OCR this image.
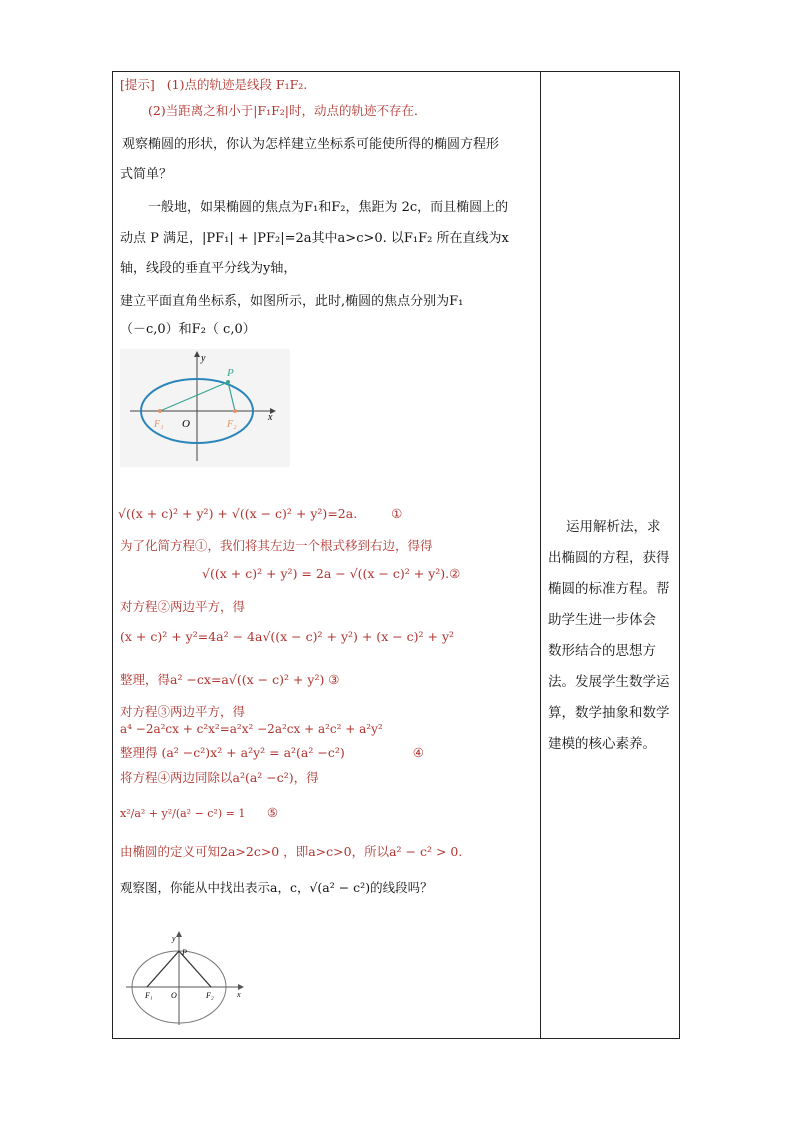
[提示] (1)点的轨迹是线段 F₁F₂.
(2)当距离之和小于|F₁F₂|时，动点的轨迹不存在．
观察椭圆的形状，你认为怎样建立坐标系可能使所得的椭圆方程形
式简单？
一般地，如果椭圆的焦点为F₁和F₂，焦距为 2c，而且椭圆上的
动点 P 满足，|PF₁| + |PF₂|=2a其中a>c>0. 以F₁F₂ 所在直线为x
轴，线段的垂直平分线为y轴，
建立平面直角坐标系，如图所示，此时,椭圆的焦点分别为F₁
（－c,0）和F₂（ c,0）
y
x
P
O
F₁	F₂
√((x + c)² + y²) + √((x − c)² + y²)=2a.	①
为了化简方程①，我们将其左边一个根式移到右边，得得
√((x + c)² + y²) = 2a − √((x − c)² + y²).②
对方程②两边平方，得
(x + c)² + y²=4a² − 4a√((x − c)² + y²) + (x − c)² + y²
整理，得a² −cx=a√((x − c)² + y²) ③
对方程③两边平方，得
a⁴ −2a²cx + c²x²=a²x² −2a²cx + a²c² + a²y²
整理得 (a² −c²)x² + a²y² = a²(a² −c²)	④
将方程④两边同除以a²(a² −c²)，得
x²/a² + y²/(a² − c²) = 1 ⑤
由椭圆的定义可知2a>2c>0 ，即a>c>0，所以a² − c² > 0.
观察图，你能从中找出表示a，c，√(a² − c²)的线段吗？
y
x
P
O
F₁	F₂
运用解析法，求
出椭圆的方程，获得
椭圆的标准方程。帮
助学生进一步体会
数形结合的思想方
法。发展学生数学运
算，数学抽象和数学
建模的核心素养。
